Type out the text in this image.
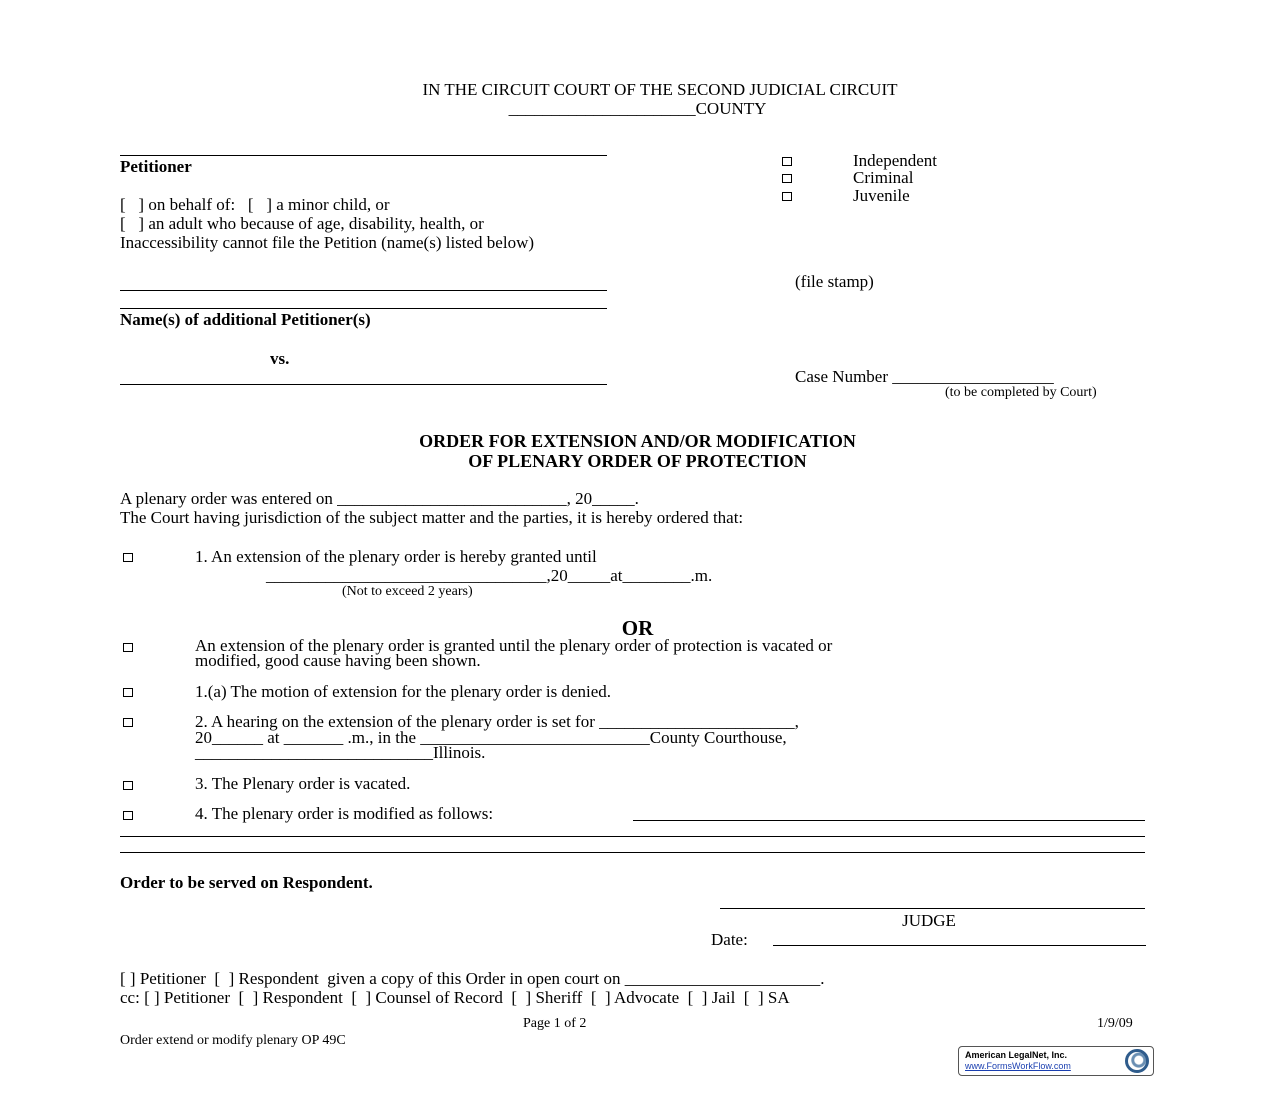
IN THE CIRCUIT COURT OF THE SECOND JUDICIAL CIRCUIT
______________________COUNTY
Petitioner
[   ] on behalf of:   [   ] a minor child, or
[   ] an adult who because of age, disability, health, or
Inaccessibility cannot file the Petition (name(s) listed below)
Name(s) of additional Petitioner(s)
vs.
Independent
Criminal
Juvenile
(file stamp)
Case Number ___________________
(to be completed by Court)
ORDER FOR EXTENSION AND/OR MODIFICATION
OF PLENARY ORDER OF PROTECTION
A plenary order was entered on ___________________________, 20_____.
The Court having jurisdiction of the subject matter and the parties, it is hereby ordered that:
1. An extension of the plenary order is hereby granted until
_________________________________,20_____at________.m.
(Not to exceed 2 years)
OR
An extension of the plenary order is granted until the plenary order of protection is vacated or
modified, good cause having been shown.
1.(a) The motion of extension for the plenary order is denied.
2. A hearing on the extension of the plenary order is set for _______________________,
20______ at _______ .m., in the ___________________________County Courthouse,
____________________________Illinois.
3. The Plenary order is vacated.
4. The plenary order is modified as follows:
Order to be served on Respondent.
JUDGE
Date:
[ ] Petitioner  [  ] Respondent  given a copy of this Order in open court on _______________________.
cc: [ ] Petitioner  [  ] Respondent  [  ] Counsel of Record  [  ] Sheriff  [  ] Advocate  [  ] Jail  [  ] SA
Page 1 of 2	1/9/09
Order extend or modify plenary OP 49C
American LegalNet, Inc.
www.FormsWorkFlow.com
